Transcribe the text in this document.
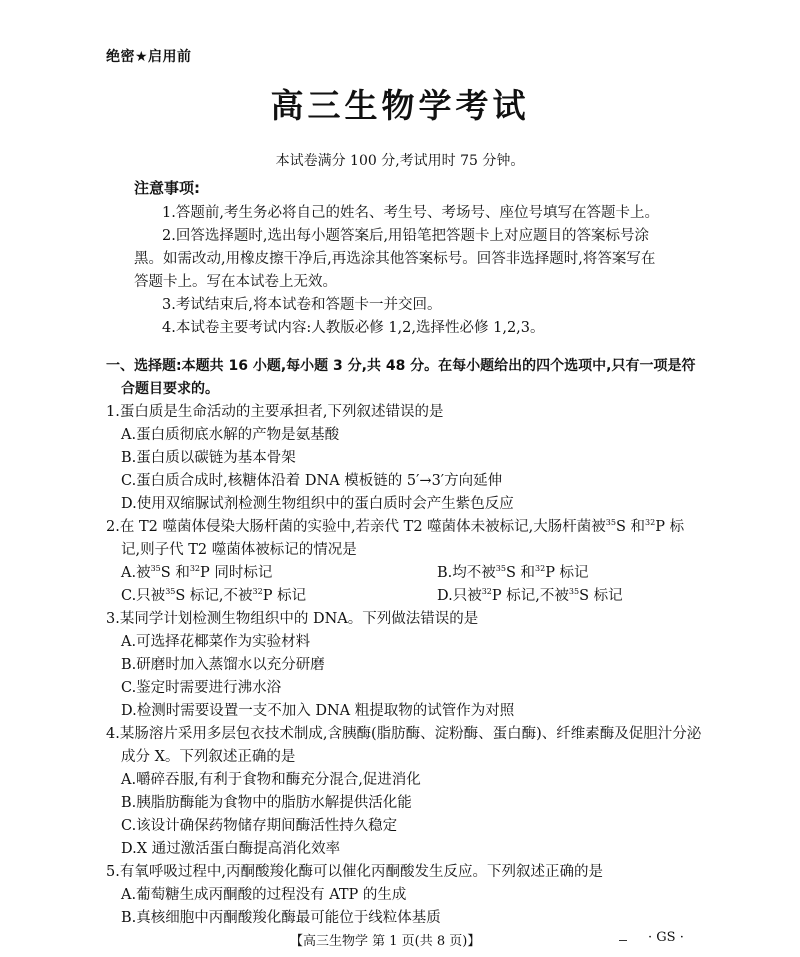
绝密★启用前
高三生物学考试
本试卷满分 100 分,考试用时 75 分钟。
注意事项:
1.答题前,考生务必将自己的姓名、考生号、考场号、座位号填写在答题卡上。
2.回答选择题时,选出每小题答案后,用铅笔把答题卡上对应题目的答案标号涂
黑。如需改动,用橡皮擦干净后,再选涂其他答案标号。回答非选择题时,将答案写在
答题卡上。写在本试卷上无效。
3.考试结束后,将本试卷和答题卡一并交回。
4.本试卷主要考试内容:人教版必修 1,2,选择性必修 1,2,3。
一、选择题:本题共 16 小题,每小题 3 分,共 48 分。在每小题给出的四个选项中,只有一项是符
合题目要求的。
1.蛋白质是生命活动的主要承担者,下列叙述错误的是
A.蛋白质彻底水解的产物是氨基酸
B.蛋白质以碳链为基本骨架
C.蛋白质合成时,核糖体沿着 DNA 模板链的 5′→3′方向延伸
D.使用双缩脲试剂检测生物组织中的蛋白质时会产生紫色反应
2.在 T2 噬菌体侵染大肠杆菌的实验中,若亲代 T2 噬菌体未被标记,大肠杆菌被$^{35}$S 和$^{32}$P 标
记,则子代 T2 噬菌体被标记的情况是
A.被$^{35}$S 和$^{32}$P 同时标记	B.均不被$^{35}$S 和$^{32}$P 标记
C.只被$^{35}$S 标记,不被$^{32}$P 标记	D.只被$^{32}$P 标记,不被$^{35}$S 标记
3.某同学计划检测生物组织中的 DNA。下列做法错误的是
A.可选择花椰菜作为实验材料
B.研磨时加入蒸馏水以充分研磨
C.鉴定时需要进行沸水浴
D.检测时需要设置一支不加入 DNA 粗提取物的试管作为对照
4.某肠溶片采用多层包衣技术制成,含胰酶(脂肪酶、淀粉酶、蛋白酶)、纤维素酶及促胆汁分泌
成分 X。下列叙述正确的是
A.嚼碎吞服,有利于食物和酶充分混合,促进消化
B.胰脂肪酶能为食物中的脂肪水解提供活化能
C.该设计确保药物储存期间酶活性持久稳定
D.X 通过激活蛋白酶提高消化效率
5.有氧呼吸过程中,丙酮酸羧化酶可以催化丙酮酸发生反应。下列叙述正确的是
A.葡萄糖生成丙酮酸的过程没有 ATP 的生成
B.真核细胞中丙酮酸羧化酶最可能位于线粒体基质
【高三生物学 第 1 页(共 8 页)】	· GS ·
